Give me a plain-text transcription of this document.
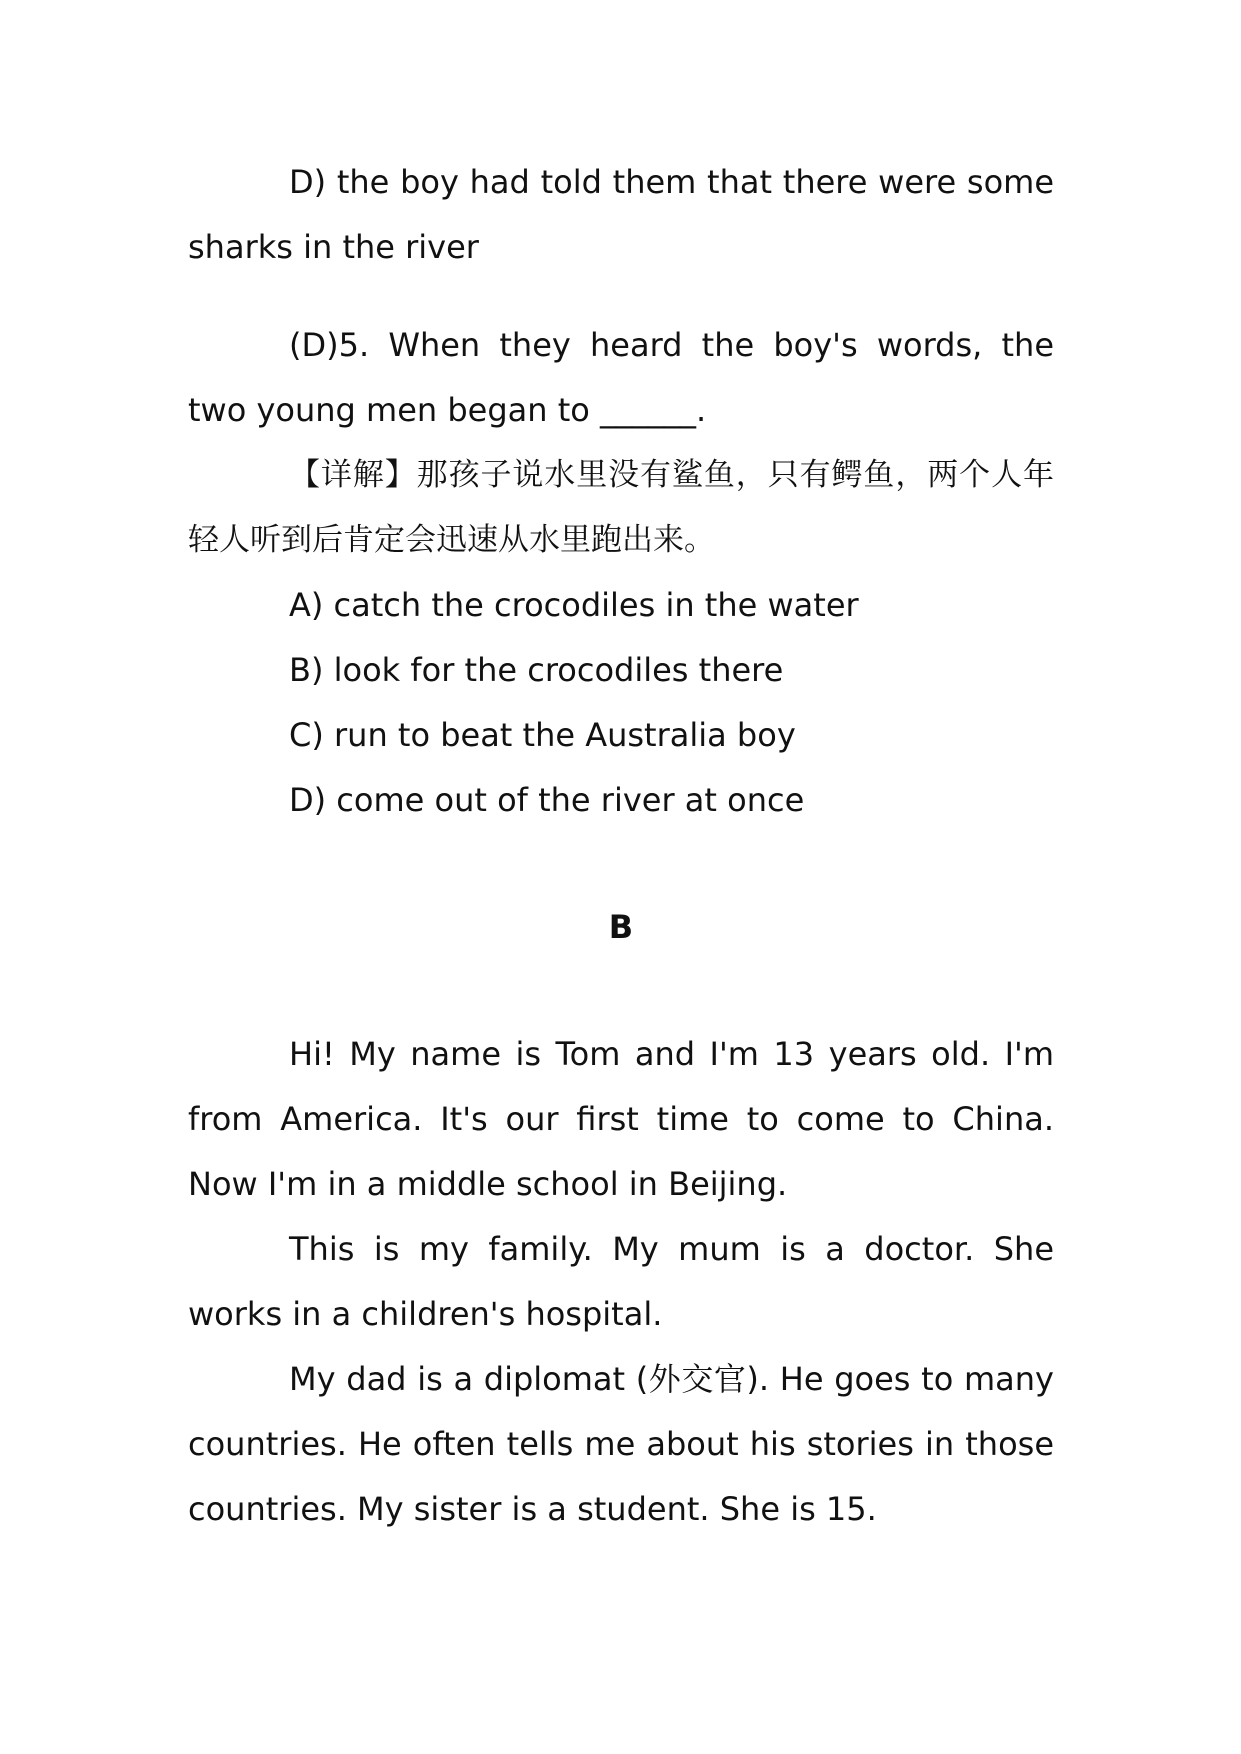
D) the boy had told them that there were some sharks in the river

(D)5. When they heard the boy's words, the two young men began to ______.

【详解】那孩子说水里没有鲨鱼，只有鳄鱼，两个人年轻人听到后肯定会迅速从水里跑出来。

A) catch the crocodiles in the water

B) look for the crocodiles there

C) run to beat the Australia boy

D) come out of the river at once

B

Hi! My name is Tom and I'm 13 years old. I'm from America. It's our first time to come to China. Now I'm in a middle school in Beijing.

This is my family. My mum is a doctor. She works in a children's hospital.

My dad is a diplomat (外交官). He goes to many countries. He often tells me about his stories in those countries. My sister is a student. She is 15.
